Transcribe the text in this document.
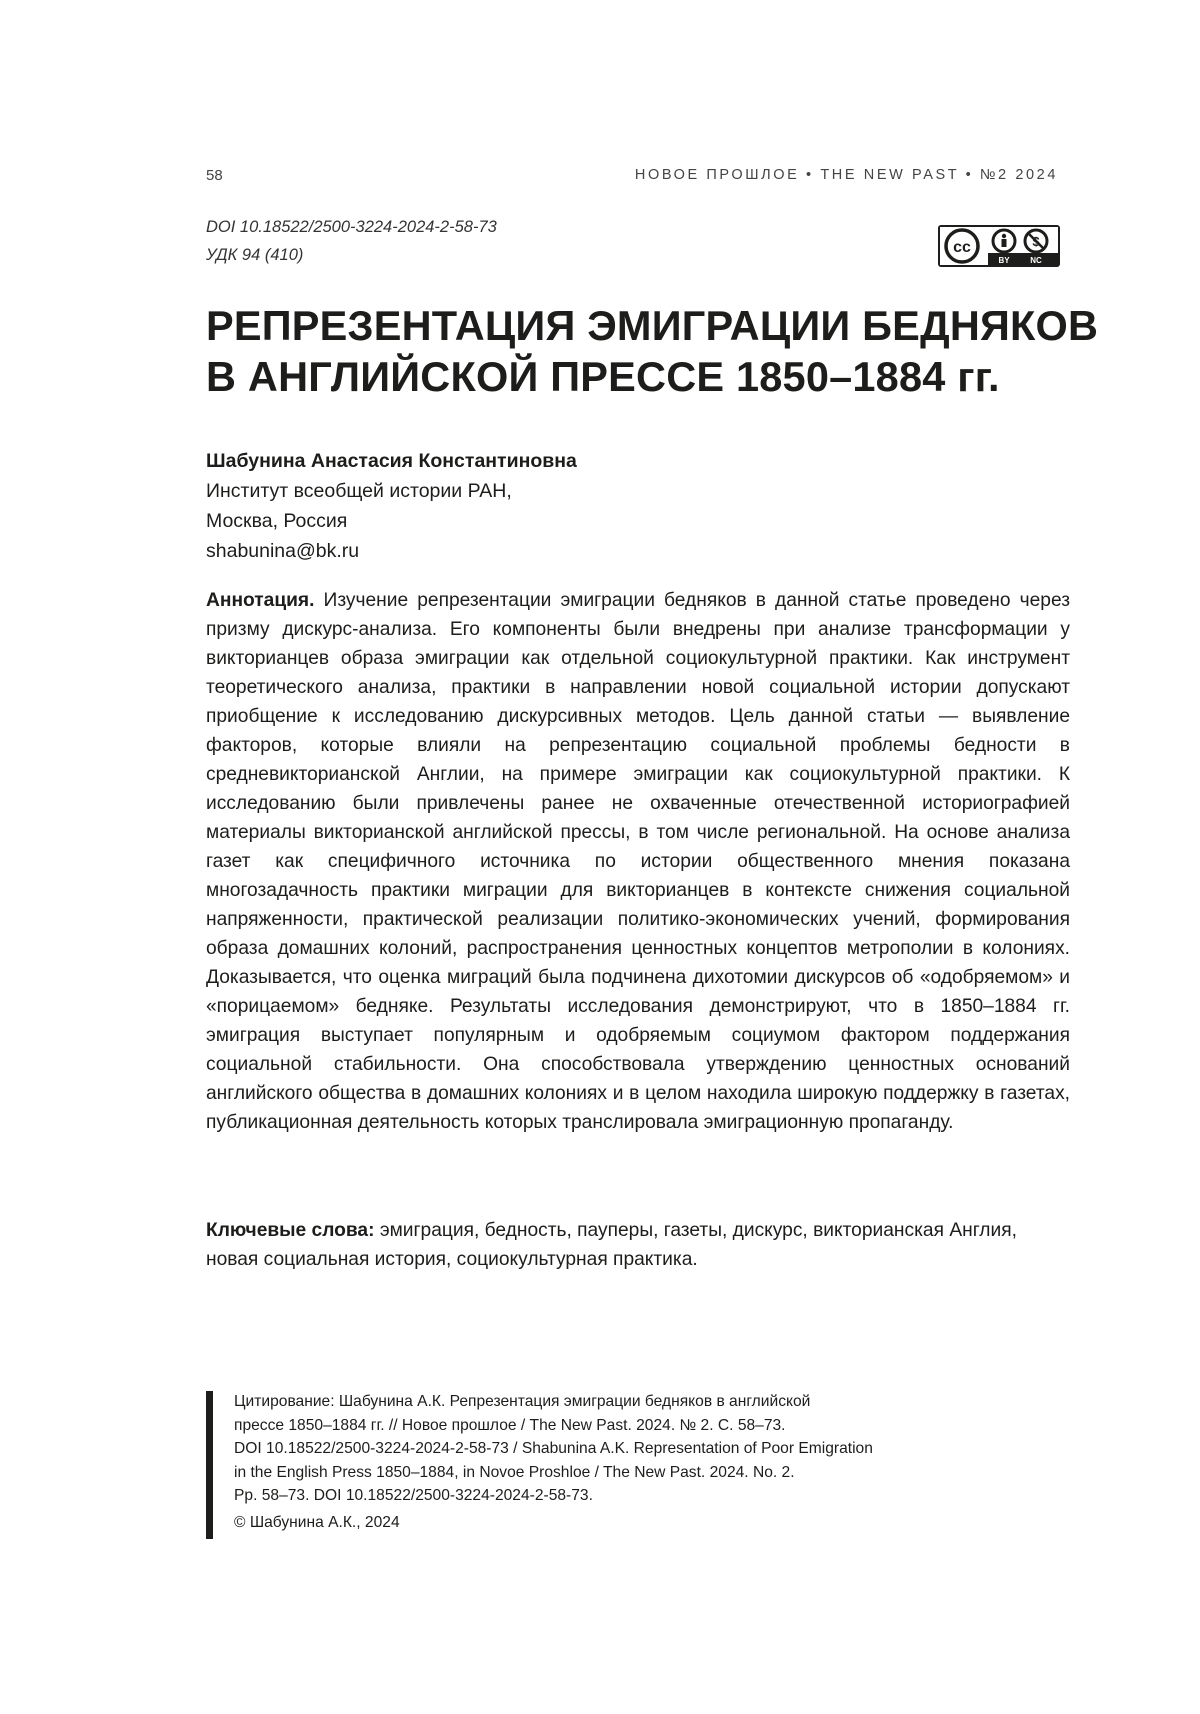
58	НОВОЕ ПРОШЛОЕ • THE NEW PAST • №2 2024
DOI 10.18522/2500-3224-2024-2-58-73
УДК 94 (410)	cc
BY	NC
РЕПРЕЗЕНТАЦИЯ ЭМИГРАЦИИ БЕДНЯКОВ
В АНГЛИЙСКОЙ ПРЕССЕ 1850–1884 гг.
Шабунина Анастасия Константиновна
Институт всеобщей истории РАН,
Москва, Россия
shabunina@bk.ru

Аннотация. Изучение репрезентации эмиграции бедняков в данной статье проведено через призму дискурс-анализа. Его компоненты были внедрены при анализе трансформации у викторианцев образа эмиграции как отдельной социокультурной практики. Как инструмент теоретического анализа, практики в направлении новой социальной истории допускают приобщение к исследованию дискурсивных методов. Цель данной статьи — выявление факторов, которые влияли на репрезентацию социальной проблемы бедности в средневикторианской Англии, на примере эмиграции как социокультурной практики. К исследованию были привлечены ранее не охваченные отечественной историографией материалы викторианской английской прессы, в том числе региональной. На основе анализа газет как специфичного источника по истории общественного мнения показана многозадачность практики миграции для викторианцев в контексте снижения социальной напряженности, практической реализации политико-экономических учений, формирования образа домашних колоний, распространения ценностных концептов метрополии в колониях. Доказывается, что оценка миграций была подчинена дихотомии дискурсов об «одобряемом» и «порицаемом» бедняке. Результаты исследования демонстрируют, что в 1850–1884 гг. эмиграция выступает популярным и одобряемым социумом фактором поддержания социальной стабильности. Она способствовала утверждению ценностных оснований английского общества в домашних колониях и в целом находила широкую поддержку в газетах, публикационная деятельность которых транслировала эмиграционную пропаганду.

Ключевые слова: эмиграция, бедность, пауперы, газеты, дискурс, викторианская Англия, новая социальная история, социокультурная практика.

Цитирование: Шабунина А.К. Репрезентация эмиграции бедняков в английской
прессе 1850–1884 гг. // Новое прошлое / The New Past. 2024. № 2. С. 58–73.
DOI 10.18522/2500-3224-2024-2-58-73 / Shabunina A.K. Representation of Poor Emigration
in the English Press 1850–1884, in Novoe Proshloe / The New Past. 2024. No. 2.
Pp. 58–73. DOI 10.18522/2500-3224-2024-2-58-73.
© Шабунина А.К., 2024
